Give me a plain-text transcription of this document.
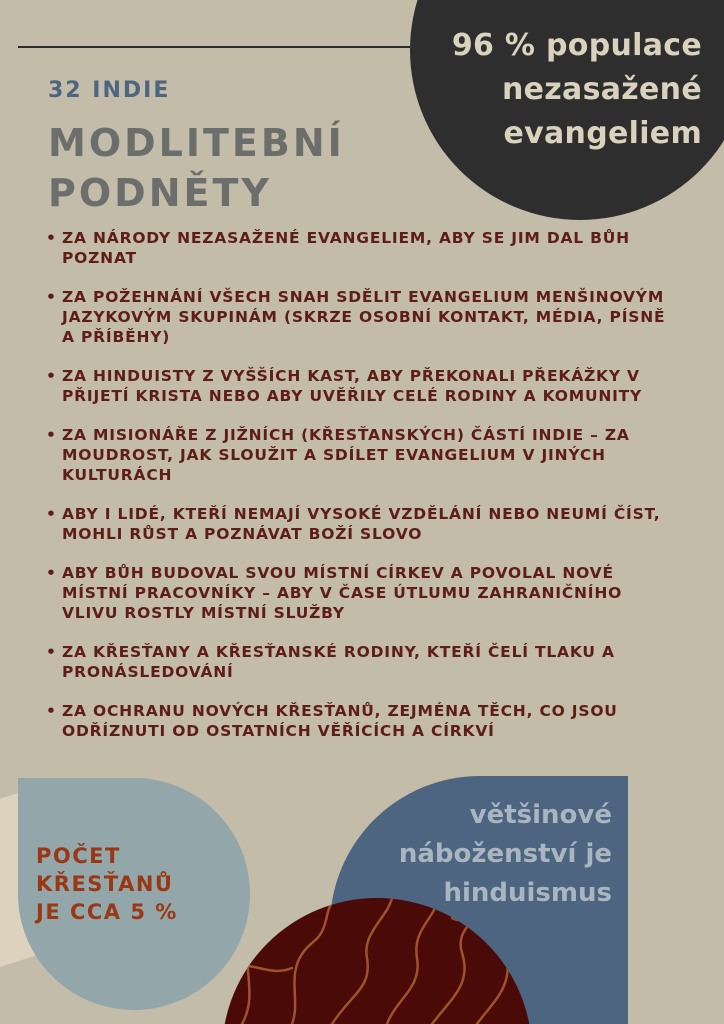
96 % populace
nezasažené
evangeliem
32 INDIE
MODLITEBNÍ
PODNĚTY
• ZA NÁRODY NEZASAŽENÉ EVANGELIEM, ABY SE JIM DAL BŮH POZNAT
• ZA POŽEHNÁNÍ VŠECH SNAH SDĚLIT EVANGELIUM MENŠINOVÝM JAZYKOVÝM SKUPINÁM (SKRZE OSOBNÍ KONTAKT, MÉDIA, PÍSNĚ A PŘÍBĚHY)
• ZA HINDUISTY Z VYŠŠÍCH KAST, ABY PŘEKONALI PŘEKÁŽKY V PŘIJETÍ KRISTA NEBO ABY UVĚŘILY CELÉ RODINY A KOMUNITY
• ZA MISIONÁŘE Z JIŽNÍCH (KŘESŤANSKÝCH) ČÁSTÍ INDIE – ZA MOUDROST, JAK SLOUŽIT A SDÍLET EVANGELIUM V JINÝCH KULTURÁCH
• ABY I LIDÉ, KTEŘÍ NEMAJÍ VYSOKÉ VZDĚLÁNÍ NEBO NEUMÍ ČÍST, MOHLI RŮST A POZNÁVAT BOŽÍ SLOVO
• ABY BŮH BUDOVAL SVOU MÍSTNÍ CÍRKEV A POVOLAL NOVÉ MÍSTNÍ PRACOVNÍKY – ABY V ČASE ÚTLUMU ZAHRANIČNÍHO VLIVU ROSTLY MÍSTNÍ SLUŽBY
• ZA KŘESŤANY A KŘESŤANSKÉ RODINY, KTEŘÍ ČELÍ TLAKU A PRONÁSLEDOVÁNÍ
• ZA OCHRANU NOVÝCH KŘESŤANŮ, ZEJMÉNA TĚCH, CO JSOU ODŘÍZNUTI OD OSTATNÍCH VĚŘÍCÍCH A CÍRKVÍ
POČET
KŘESŤANŮ
JE CCA 5 %
většinové
náboženství je
hinduismus
